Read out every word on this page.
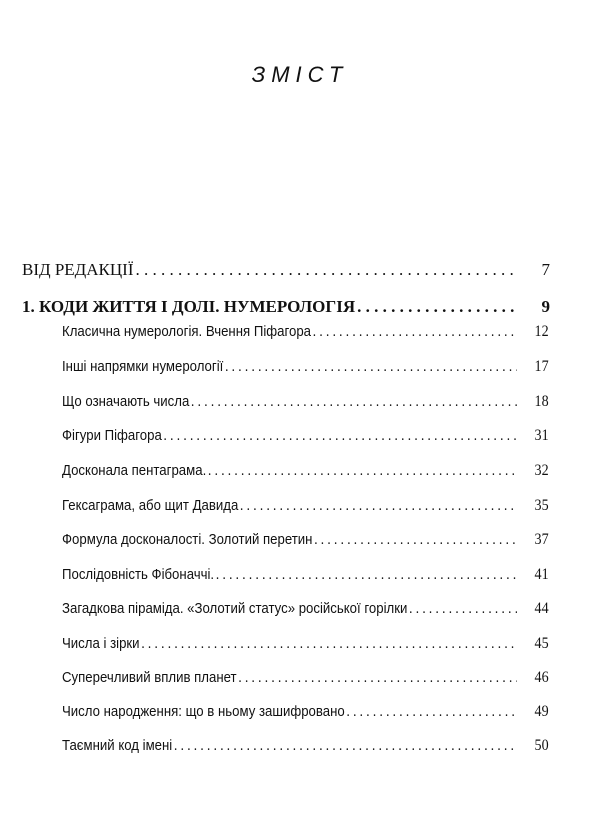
ЗМІСТ
ВІД РЕДАКЦІЇ . . .	7
1. КОДИ ЖИТТЯ І ДОЛІ. НУМЕРОЛОГІЯ . . .	9
Класична нумерологія. Вчення Піфагора . . .	12
Інші напрямки нумерології . . .	17
Що означають числа . . .	18
Фігури Піфагора . . .	31
Досконала пентаграма. . . .	32
Гексаграма, або щит Давида . . .	35
Формула досконалості. Золотий перетин . . .	37
Послідовність Фібоначчі. . . .	41
Загадкова піраміда. «Золотий статус» російської горілки . . .	44
Числа і зірки . . .	45
Суперечливий вплив планет . . .	46
Число народження: що в ньому зашифровано . . .	49
Таємний код імені . . .	50
